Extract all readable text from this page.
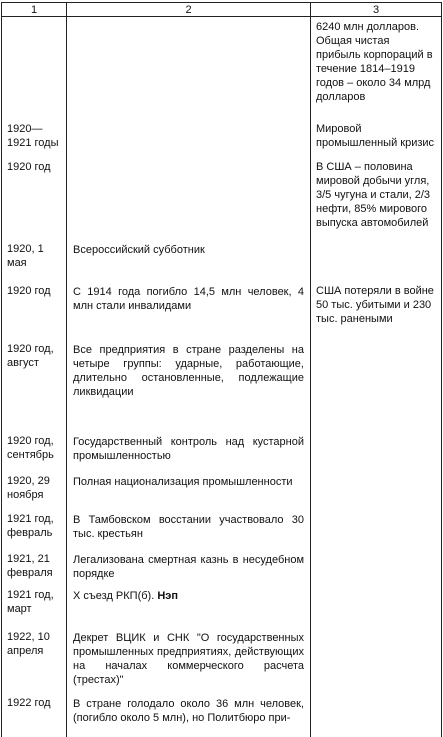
1	2	3
		6240 млн долларов. Общая чистая прибыль корпораций в течение 1814–1919 годов – около 34 млрд долларов
1920—1921 годы		Мировой промышленный кризис
1920 год		В США – половина мировой добычи угля, 3/5 чугуна и стали, 2/3 нефти, 85% мирового выпуска автомобилей
1920, 1 мая	Всероссийский субботник	
1920 год	С 1914 года погибло 14,5 млн человек, 4 млн стали инвалидами	США потеряли в войне 50 тыс. убитыми и 230 тыс. ранеными
1920 год, август	Все предприятия в стране разделены на четыре группы: ударные, работающие, длительно остановленные, подлежащие ликвидации	
1920 год, сентябрь	Государственный контроль над кустарной промышленностью	
1920, 29 ноября	Полная национализация промышленности	
1921 год, февраль	В Тамбовском восстании участвовало 30 тыс. крестьян	
1921, 21 февраля	Легализована смертная казнь в несудебном порядке	
1921 год, март	X съезд РКП(б). Нэп	
1922, 10 апреля	Декрет ВЦИК и СНК "О государственных промышленных предприятиях, действующих на началах коммерческого расчета (трестах)"	
1922 год	В стране голодало около 36 млн человек, (погибло около 5 млн), но Политбюро при-	
